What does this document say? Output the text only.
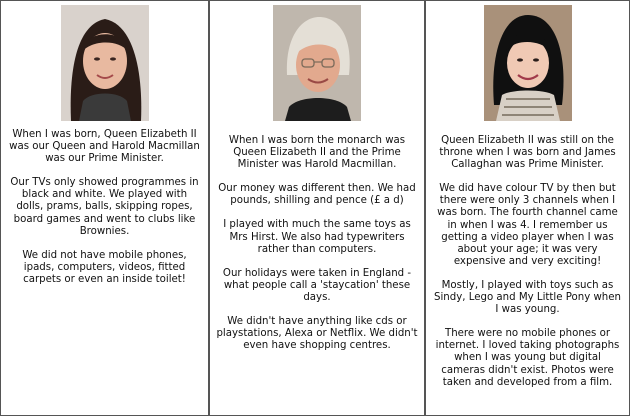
When I was born, Queen Elizabeth II was our Queen and Harold Macmillan was our Prime Minister.

Our TVs only showed programmes in black and white. We played with dolls, prams, balls, skipping ropes, board games and went to clubs like Brownies.

We did not have mobile phones, ipads, computers, videos, fitted carpets or even an inside toilet!

When I was born the monarch was Queen Elizabeth II and the Prime Minister was Harold Macmillan.

Our money was different then. We had pounds, shilling and pence (£ a d)

I played with much the same toys as Mrs Hirst. We also had typewriters rather than computers.

Our holidays were taken in England - what people call a 'staycation' these days.

We didn't have anything like cds or playstations, Alexa or Netflix. We didn't even have shopping centres.

Queen Elizabeth II was still on the throne when I was born and James Callaghan was Prime Minister.

We did have colour TV by then but there were only 3 channels when I was born. The fourth channel came in when I was 4. I remember us getting a video player when I was about your age; it was very expensive and very exciting!

Mostly, I played with toys such as Sindy, Lego and My Little Pony when I was young.

There were no mobile phones or internet. I loved taking photographs when I was young but digital cameras didn't exist. Photos were taken and developed from a film.
